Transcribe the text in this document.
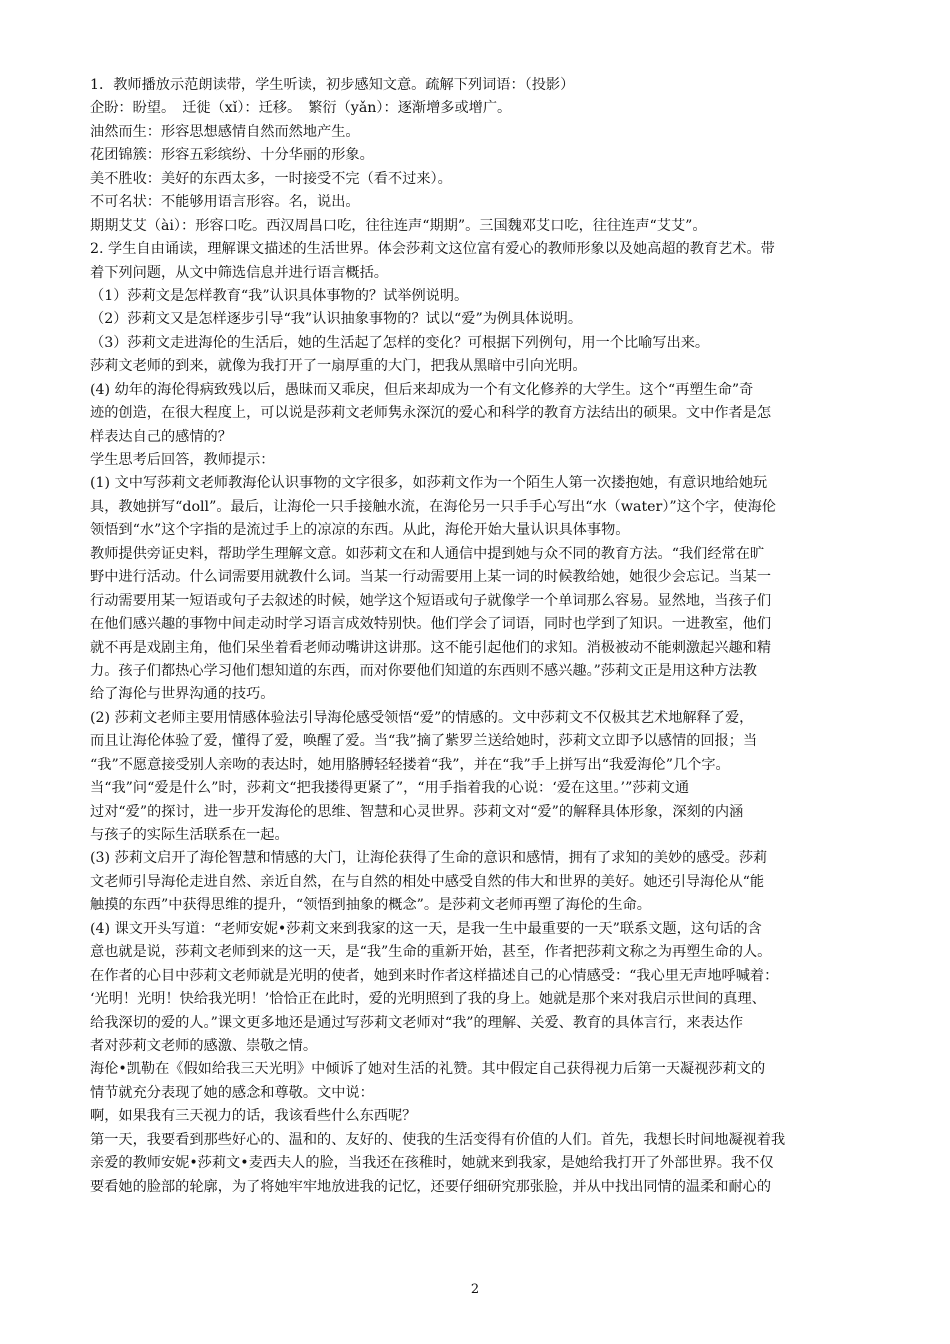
1．教师播放示范朗读带，学生听读，初步感知文意。疏解下列词语：（投影）
企盼：盼望。　迁徙（xǐ）：迁移。　繁衍（yǎn）：逐渐增多或增广。
油然而生：形容思想感情自然而然地产生。
花团锦簇：形容五彩缤纷、十分华丽的形象。
美不胜收：美好的东西太多，一时接受不完（看不过来）。
不可名状：不能够用语言形容。名，说出。
期期艾艾（ài）：形容口吃。西汉周昌口吃，往往连声“期期”。三国魏邓艾口吃，往往连声“艾艾”。
2. 学生自由诵读，理解课文描述的生活世界。体会莎莉文这位富有爱心的教师形象以及她高超的教育艺术。带
着下列问题，从文中筛选信息并进行语言概括。
（1）莎莉文是怎样教育“我”认识具体事物的？试举例说明。
（2）莎莉文又是怎样逐步引导“我”认识抽象事物的？试以“爱”为例具体说明。
（3）莎莉文走进海伦的生活后，她的生活起了怎样的变化？可根据下列例句，用一个比喻写出来。
莎莉文老师的到来，就像为我打开了一扇厚重的大门，把我从黑暗中引向光明。
(4) 幼年的海伦得病致残以后，愚昧而又乖戾，但后来却成为一个有文化修养的大学生。这个“再塑生命”奇
迹的创造，在很大程度上，可以说是莎莉文老师隽永深沉的爱心和科学的教育方法结出的硕果。文中作者是怎
样表达自己的感情的？
学生思考后回答，教师提示：
(1) 文中写莎莉文老师教海伦认识事物的文字很多，如莎莉文作为一个陌生人第一次搂抱她，有意识地给她玩
具，教她拼写“doll”。最后，让海伦一只手接触水流，在海伦另一只手手心写出“水（water）”这个字，使海伦
领悟到“水”这个字指的是流过手上的凉凉的东西。从此，海伦开始大量认识具体事物。
教师提供旁证史料，帮助学生理解文意。如莎莉文在和人通信中提到她与众不同的教育方法。“我们经常在旷
野中进行活动。什么词需要用就教什么词。当某一行动需要用上某一词的时候教给她，她很少会忘记。当某一
行动需要用某一短语或句子去叙述的时候，她学这个短语或句子就像学一个单词那么容易。显然地，当孩子们
在他们感兴趣的事物中间走动时学习语言成效特别快。他们学会了词语，同时也学到了知识。一进教室，他们
就不再是戏剧主角，他们呆坐着看老师动嘴讲这讲那。这不能引起他们的求知。消极被动不能刺激起兴趣和精
力。孩子们都热心学习他们想知道的东西，而对你要他们知道的东西则不感兴趣。”莎莉文正是用这种方法教
给了海伦与世界沟通的技巧。
(2) 莎莉文老师主要用情感体验法引导海伦感受领悟“爱”的情感的。文中莎莉文不仅极其艺术地解释了爱，
而且让海伦体验了爱，懂得了爱，唤醒了爱。当“我”摘了紫罗兰送给她时，莎莉文立即予以感情的回报；当
“我”不愿意接受别人亲吻的表达时，她用胳膊轻轻搂着“我”，并在“我”手上拼写出“我爱海伦”几个字。
当“我”问“爱是什么”时，莎莉文“把我搂得更紧了”，“用手指着我的心说：‘爱在这里。’”莎莉文通
过对“爱”的探讨，进一步开发海伦的思维、智慧和心灵世界。莎莉文对“爱”的解释具体形象，深刻的内涵
与孩子的实际生活联系在一起。
(3) 莎莉文启开了海伦智慧和情感的大门，让海伦获得了生命的意识和感情，拥有了求知的美妙的感受。莎莉
文老师引导海伦走进自然、亲近自然，在与自然的相处中感受自然的伟大和世界的美好。她还引导海伦从“能
触摸的东西”中获得思维的提升，“领悟到抽象的概念”。是莎莉文老师再塑了海伦的生命。
(4) 课文开头写道：“老师安妮•莎莉文来到我家的这一天，是我一生中最重要的一天”联系文题，这句话的含
意也就是说，莎莉文老师到来的这一天，是“我”生命的重新开始，甚至，作者把莎莉文称之为再塑生命的人。
在作者的心目中莎莉文老师就是光明的使者，她到来时作者这样描述自己的心情感受：“我心里无声地呼喊着：
‘光明！光明！快给我光明！’恰恰正在此时，爱的光明照到了我的身上。她就是那个来对我启示世间的真理、
给我深切的爱的人。”课文更多地还是通过写莎莉文老师对“我”的理解、关爱、教育的具体言行，来表达作
者对莎莉文老师的感激、崇敬之情。
海伦•凯勒在《假如给我三天光明》中倾诉了她对生活的礼赞。其中假定自己获得视力后第一天凝视莎莉文的
情节就充分表现了她的感念和尊敬。文中说：
啊，如果我有三天视力的话，我该看些什么东西呢？
第一天，我要看到那些好心的、温和的、友好的、使我的生活变得有价值的人们。首先，我想长时间地凝视着我
亲爱的教师安妮•莎莉文•麦西夫人的脸，当我还在孩稚时，她就来到我家，是她给我打开了外部世界。我不仅
要看她的脸部的轮廓，为了将她牢牢地放进我的记忆，还要仔细研究那张脸，并从中找出同情的温柔和耐心的
2
